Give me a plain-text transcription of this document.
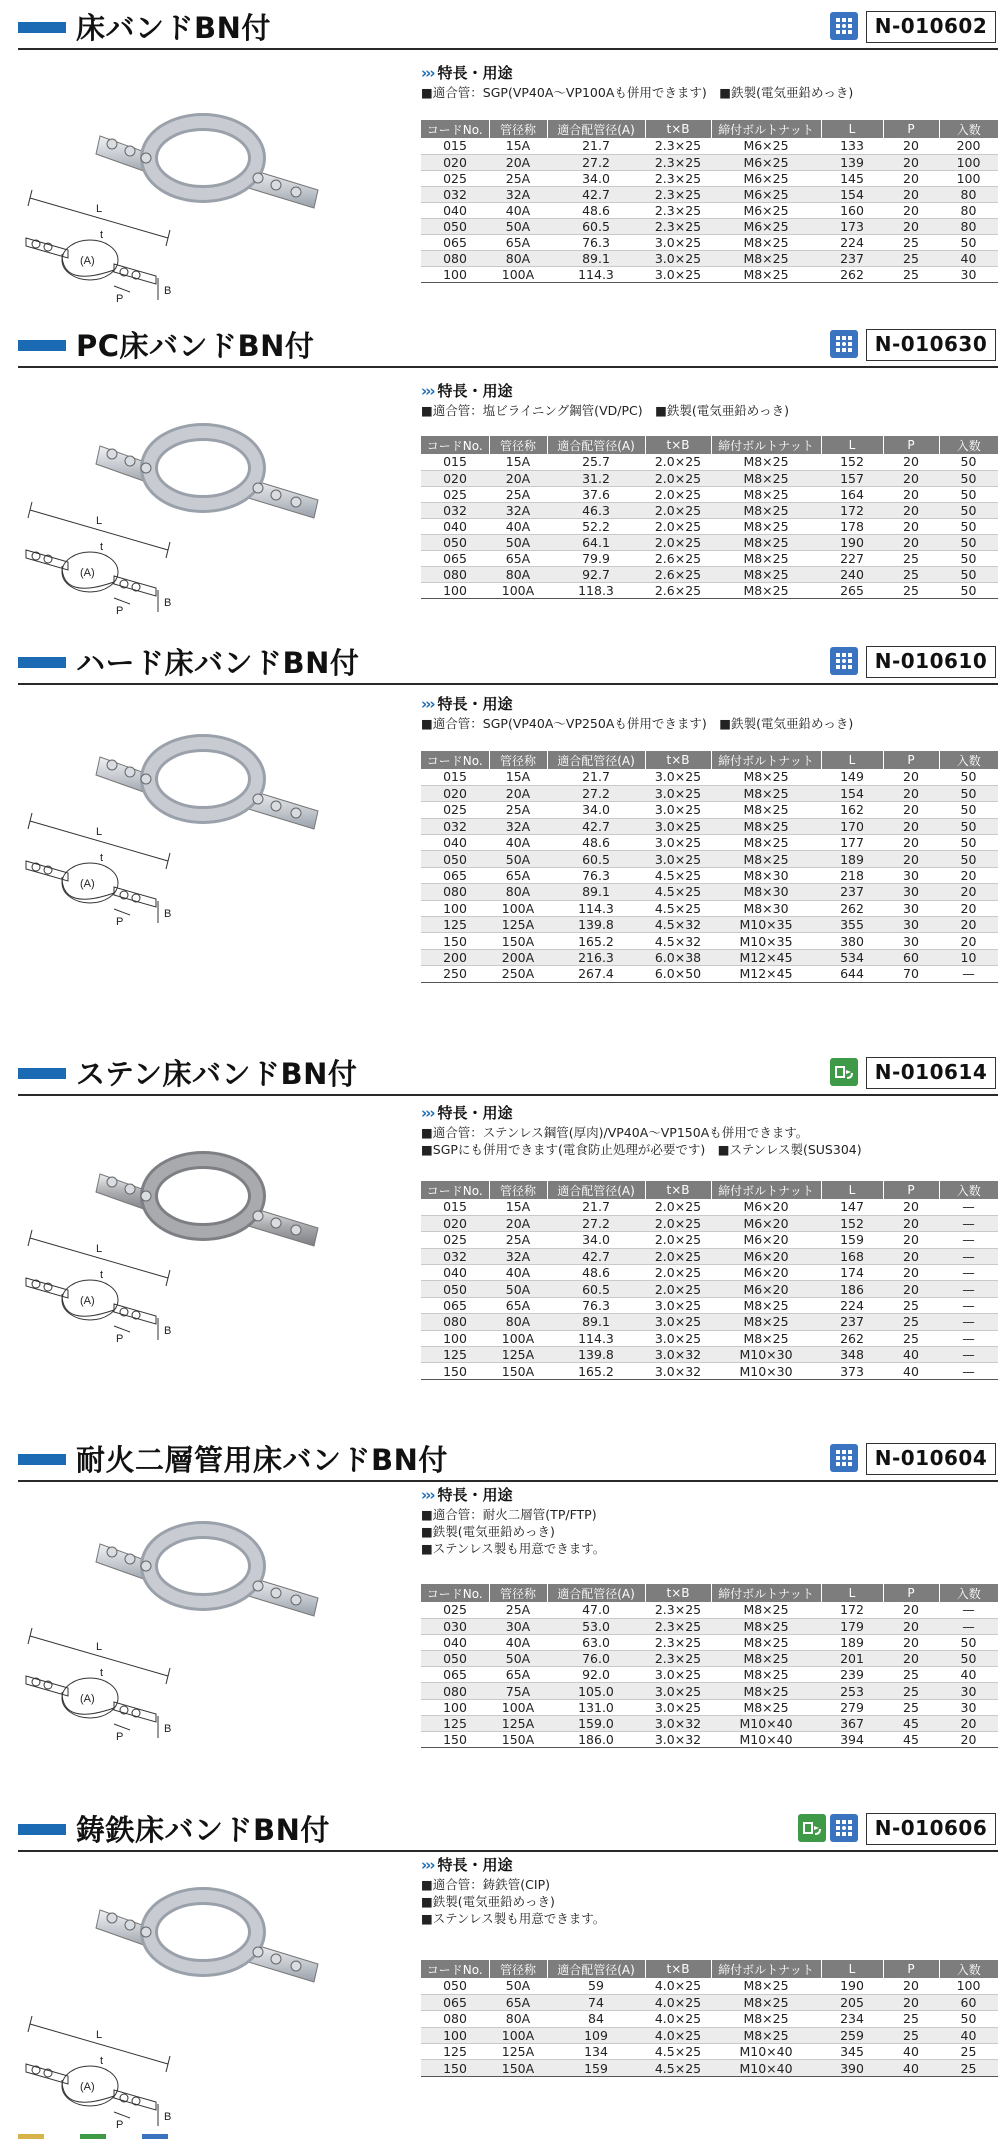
床バンドBN付	N-010602
L
t
(A)
P
B
››› 特長・用途
■適合管：SGP(VP40A～VP100Aも併用できます)　■鉄製(電気亜鉛めっき)
コードNo.	管径称	適合配管径(A)	t×B	締付ボルトナット	L	P	入数
015	15A	21.7	2.3×25	M6×25	133	20	200
020	20A	27.2	2.3×25	M6×25	139	20	100
025	25A	34.0	2.3×25	M6×25	145	20	100
032	32A	42.7	2.3×25	M6×25	154	20	80
040	40A	48.6	2.3×25	M6×25	160	20	80
050	50A	60.5	2.3×25	M6×25	173	20	80
065	65A	76.3	3.0×25	M8×25	224	25	50
080	80A	89.1	3.0×25	M8×25	237	25	40
100	100A	114.3	3.0×25	M8×25	262	25	30
PC床バンドBN付	N-010630
L
t
(A)
P
B
››› 特長・用途
■適合管：塩ビライニング鋼管(VD/PC)　■鉄製(電気亜鉛めっき)
コードNo.	管径称	適合配管径(A)	t×B	締付ボルトナット	L	P	入数
015	15A	25.7	2.0×25	M8×25	152	20	50
020	20A	31.2	2.0×25	M8×25	157	20	50
025	25A	37.6	2.0×25	M8×25	164	20	50
032	32A	46.3	2.0×25	M8×25	172	20	50
040	40A	52.2	2.0×25	M8×25	178	20	50
050	50A	64.1	2.0×25	M8×25	190	20	50
065	65A	79.9	2.6×25	M8×25	227	25	50
080	80A	92.7	2.6×25	M8×25	240	25	50
100	100A	118.3	2.6×25	M8×25	265	25	50
ハード床バンドBN付	N-010610
L
t
(A)
P
B
››› 特長・用途
■適合管：SGP(VP40A～VP250Aも併用できます)　■鉄製(電気亜鉛めっき)
コードNo.	管径称	適合配管径(A)	t×B	締付ボルトナット	L	P	入数
015	15A	21.7	3.0×25	M8×25	149	20	50
020	20A	27.2	3.0×25	M8×25	154	20	50
025	25A	34.0	3.0×25	M8×25	162	20	50
032	32A	42.7	3.0×25	M8×25	170	20	50
040	40A	48.6	3.0×25	M8×25	177	20	50
050	50A	60.5	3.0×25	M8×25	189	20	50
065	65A	76.3	4.5×25	M8×30	218	30	20
080	80A	89.1	4.5×25	M8×30	237	30	20
100	100A	114.3	4.5×25	M8×30	262	30	20
125	125A	139.8	4.5×32	M10×35	355	30	20
150	150A	165.2	4.5×32	M10×35	380	30	20
200	200A	216.3	6.0×38	M12×45	534	60	10
250	250A	267.4	6.0×50	M12×45	644	70	—
ステン床バンドBN付	N-010614
L
t
(A)
P
B
››› 特長・用途
■適合管：ステンレス鋼管(厚肉)/VP40A～VP150Aも併用できます。
■SGPにも併用できます(電食防止処理が必要です)　■ステンレス製(SUS304)
コードNo.	管径称	適合配管径(A)	t×B	締付ボルトナット	L	P	入数
015	15A	21.7	2.0×25	M6×20	147	20	—
020	20A	27.2	2.0×25	M6×20	152	20	—
025	25A	34.0	2.0×25	M6×20	159	20	—
032	32A	42.7	2.0×25	M6×20	168	20	—
040	40A	48.6	2.0×25	M6×20	174	20	—
050	50A	60.5	2.0×25	M6×20	186	20	—
065	65A	76.3	3.0×25	M8×25	224	25	—
080	80A	89.1	3.0×25	M8×25	237	25	—
100	100A	114.3	3.0×25	M8×25	262	25	—
125	125A	139.8	3.0×32	M10×30	348	40	—
150	150A	165.2	3.0×32	M10×30	373	40	—
耐火二層管用床バンドBN付	N-010604
L
t
(A)
P
B
››› 特長・用途
■適合管：耐火二層管(TP/FTP)
■鉄製(電気亜鉛めっき)
■ステンレス製も用意できます。
コードNo.	管径称	適合配管径(A)	t×B	締付ボルトナット	L	P	入数
025	25A	47.0	2.3×25	M8×25	172	20	—
030	30A	53.0	2.3×25	M8×25	179	20	—
040	40A	63.0	2.3×25	M8×25	189	20	50
050	50A	76.0	2.3×25	M8×25	201	20	50
065	65A	92.0	3.0×25	M8×25	239	25	40
080	75A	105.0	3.0×25	M8×25	253	25	30
100	100A	131.0	3.0×25	M8×25	279	25	30
125	125A	159.0	3.0×32	M10×40	367	45	20
150	150A	186.0	3.0×32	M10×40	394	45	20
鋳鉄床バンドBN付	N-010606
L
t
(A)
P
B
››› 特長・用途
■適合管：鋳鉄管(CIP)
■鉄製(電気亜鉛めっき)
■ステンレス製も用意できます。
コードNo.	管径称	適合配管径(A)	t×B	締付ボルトナット	L	P	入数
050	50A	59	4.0×25	M8×25	190	20	100
065	65A	74	4.0×25	M8×25	205	20	60
080	80A	84	4.0×25	M8×25	234	25	50
100	100A	109	4.0×25	M8×25	259	25	40
125	125A	134	4.5×25	M10×40	345	40	25
150	150A	159	4.5×25	M10×40	390	40	25
